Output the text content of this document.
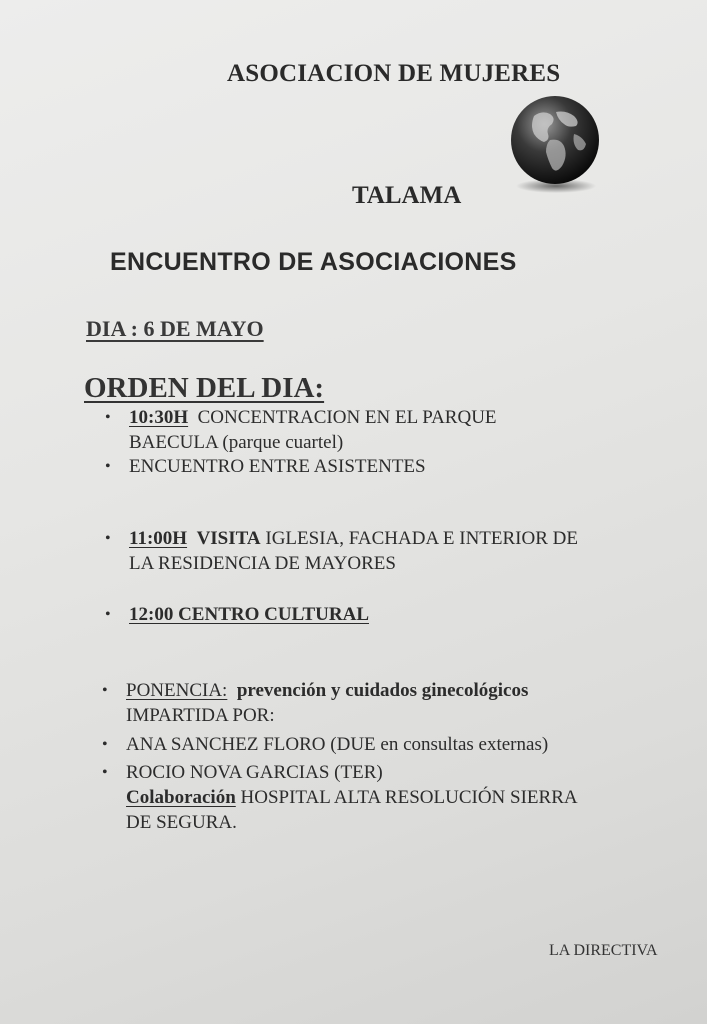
ASOCIACION DE MUJERES
TALAMA
ENCUENTRO DE ASOCIACIONES
DIA : 6 DE MAYO
ORDEN DEL DIA:
• 10:30H CONCENTRACION EN EL PARQUE
BAECULA (parque cuartel)
• ENCUENTRO ENTRE ASISTENTES
• 11:00H VISITA IGLESIA, FACHADA E INTERIOR DE
LA RESIDENCIA DE MAYORES
• 12:00 CENTRO CULTURAL
• PONENCIA: prevención y cuidados ginecológicos
IMPARTIDA POR:
• ANA SANCHEZ FLORO (DUE en consultas externas)
• ROCIO NOVA GARCIAS (TER)
Colaboración HOSPITAL ALTA RESOLUCIÓN SIERRA
DE SEGURA.
LA DIRECTIVA
